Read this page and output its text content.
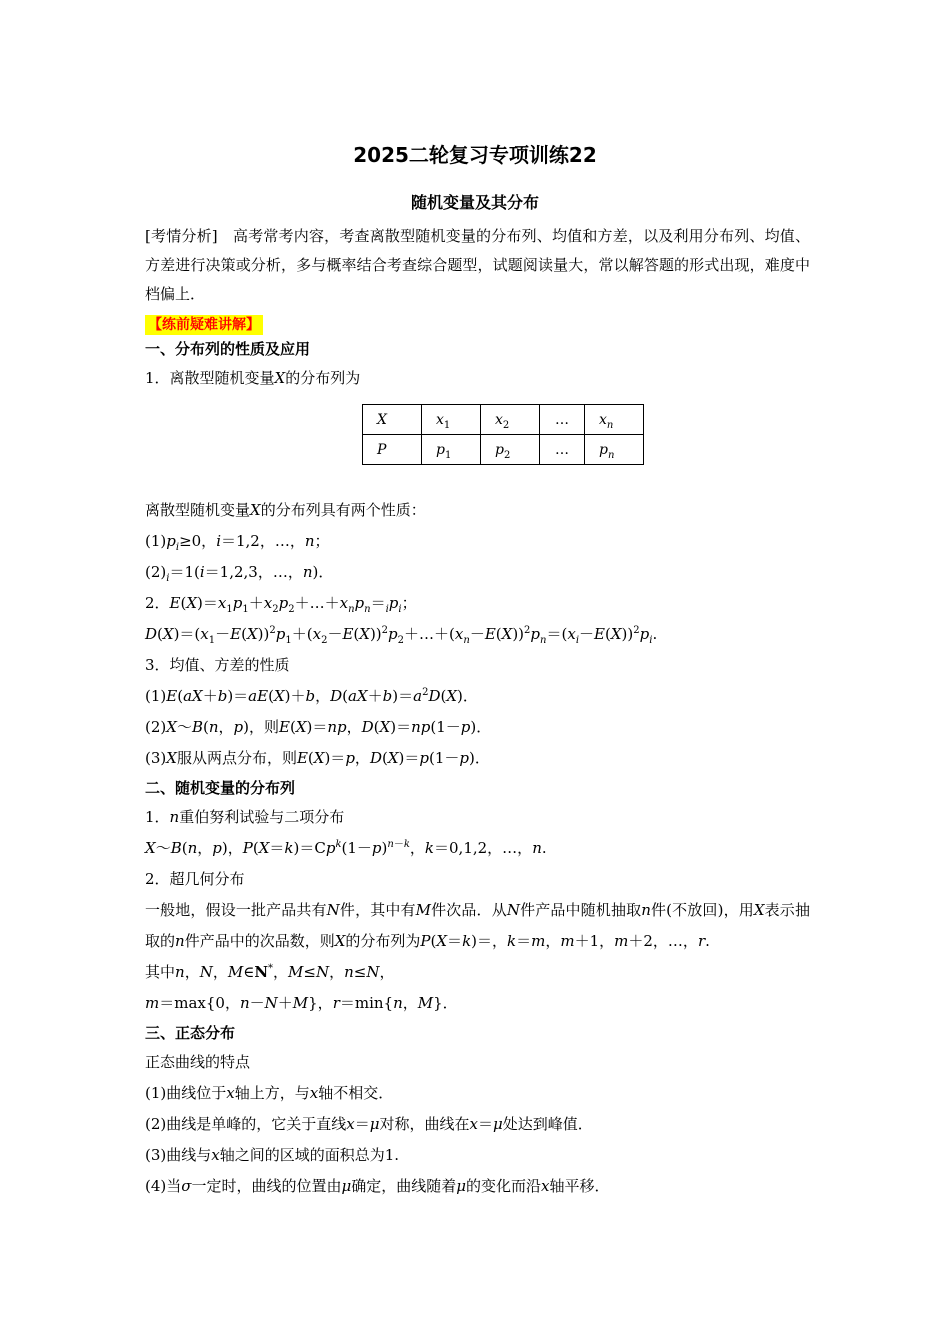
2025二轮复习专项训练22
随机变量及其分布

[考情分析]　高考常考内容，考查离散型随机变量的分布列、均值和方差，以及利用分布列、均值、方差进行决策或分析，多与概率结合考查综合题型，试题阅读量大，常以解答题的形式出现，难度中档偏上．

【练前疑难讲解】

一、分布列的性质及应用

1．离散型随机变量X的分布列为

X	$x_1$	$x_2$	…	$x_n$
P	$p_1$	$p_2$	…	$p_n$

离散型随机变量X的分布列具有两个性质：

$(1)p_i\ge 0$，i＝1,2，…，n；

$(2)_i=1(i=1,2,3$，…，n)．

2．$E(X)=x_1p_1+x_2p_2+\dots+x_np_n=_ip_i$；

$D(X)=(x_1-E(X))^2p_1+(x_2-E(X))^2p_2+\dots+(x_n-E(X))^2p_n=(x_i-E(X))^2p_i$.

3．均值、方差的性质

(1)E(aX＋b)＝aE(X)＋b，$D(aX+b)=a^2D(X)$．

(2)X～B(n，p)，则E(X)＝np，D(X)＝np(1－p)．

(3)X服从两点分布，则E(X)＝p，D(X)＝p(1－p)．

二、随机变量的分布列

1．n重伯努利试验与二项分布

X～B(n，p)，$P(X=k)=Cp^k(1-p)^{n-k}$，k＝0,1,2，…，n.

2．超几何分布

一般地，假设一批产品共有N件，其中有M件次品．从N件产品中随机抽取n件(不放回)，用X表示抽取的n件产品中的次品数，则X的分布列为P(X＝k)＝，k＝m，m＋1，m＋2，…，r.

其中n，N，M∈N*，M≤N，n≤N，

m＝max{0，n－N＋M}，r＝min{n，M}．

三、正态分布

正态曲线的特点

(1)曲线位于x轴上方，与x轴不相交．

(2)曲线是单峰的，它关于直线x＝μ对称，曲线在x＝μ处达到峰值．

(3)曲线与x轴之间的区域的面积总为1.

(4)当σ一定时，曲线的位置由μ确定，曲线随着μ的变化而沿x轴平移．
